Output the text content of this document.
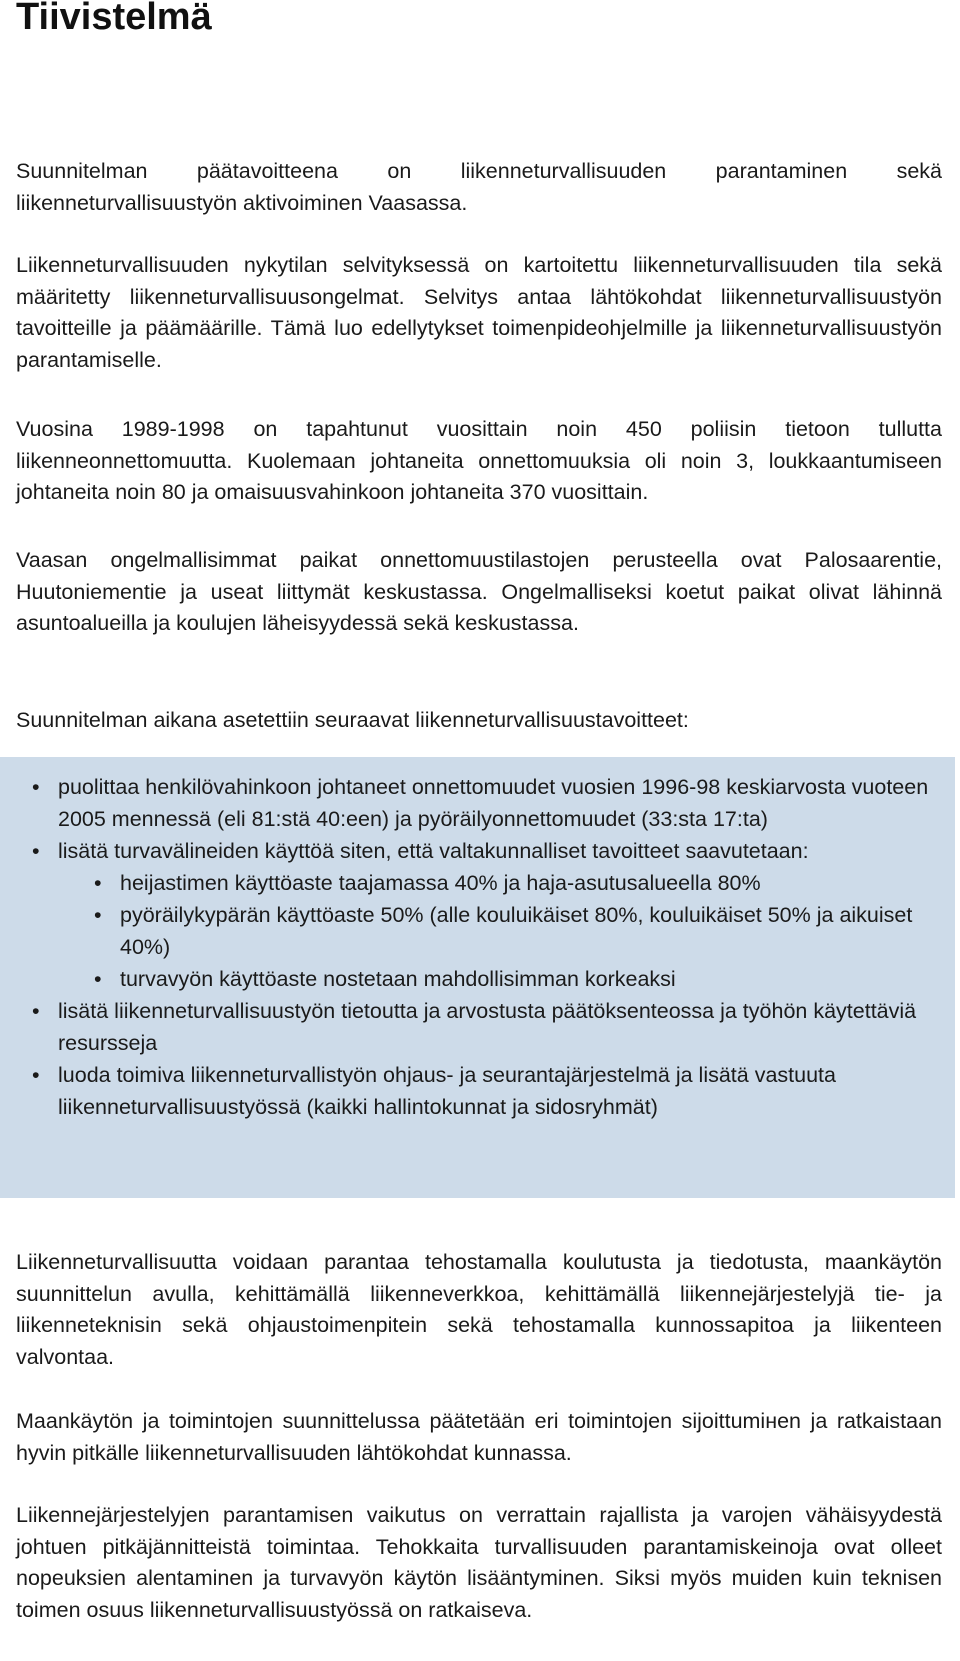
Tiivistelmä

Suunnitelman päätavoitteena on liikenneturvallisuuden parantaminen sekä liikenneturvallisuustyön aktivoiminen Vaasassa.

Liikenneturvallisuuden nykytilan selvityksessä on kartoitettu liikenneturvallisuuden tila sekä määritetty liikenneturvallisuusongelmat. Selvitys antaa lähtökohdat liikenneturvallisuustyön tavoitteille ja päämäärille. Tämä luo edellytykset toimenpideohjelmille ja liikenneturvallisuustyön parantamiselle.

Vuosina 1989-1998 on tapahtunut vuosittain noin 450 poliisin tietoon tullutta liikenneonnettomuutta. Kuolemaan johtaneita onnettomuuksia oli noin 3, loukkaantumiseen johtaneita noin 80 ja omaisuusvahinkoon johtaneita 370 vuosittain.

Vaasan ongelmallisimmat paikat onnettomuustilastojen perusteella ovat Palosaarentie, Huutoniementie ja useat liittymät keskustassa. Ongelmalliseksi koetut paikat olivat lähinnä asuntoalueilla ja koulujen läheisyydessä sekä keskustassa.

Suunnitelman aikana asetettiin seuraavat liikenneturvallisuustavoitteet:

• puolittaa henkilövahinkoon johtaneet onnettomuudet vuosien 1996-98 keskiarvosta vuoteen 2005 mennessä (eli 81:stä 40:een) ja pyöräilyonnettomuudet (33:sta 17:ta)
• lisätä turvavälineiden käyttöä siten, että valtakunnalliset tavoitteet saavutetaan:
• heijastimen käyttöaste taajamassa 40% ja haja-asutusalueella 80%
• pyöräilykypärän käyttöaste 50% (alle kouluikäiset 80%, kouluikäiset 50% ja aikuiset 40%)
• turvavyön käyttöaste nostetaan mahdollisimman korkeaksi
• lisätä liikenneturvallisuustyön tietoutta ja arvostusta päätöksenteossa ja työhön käytettäviä resursseja
• luoda toimiva liikenneturvallistyön ohjaus- ja seurantajärjestelmä ja lisätä vastuuta liikenneturvallisuustyössä (kaikki hallintokunnat ja sidosryhmät)

Liikenneturvallisuutta voidaan parantaa tehostamalla koulutusta ja tiedotusta, maankäytön suunnittelun avulla, kehittämällä liikenneverkkoa, kehittämällä liikennejärjestelyjä tie- ja liikenneteknisin sekä ohjaustoimenpitein sekä tehostamalla kunnossapitoa ja liikenteen valvontaa.

Maankäytön ja toimintojen suunnittelussa päätetään eri toimintojen sijoittumінen ja ratkaistaan hyvin pitkälle liikenneturvallisuuden lähtökohdat kunnassa.

Liikennejärjestelyjen parantamisen vaikutus on verrattain rajallista ja varojen vähäisyydestä johtuen pitkäjännitteistä toimintaa. Tehokkaita turvallisuuden parantamiskeinoja ovat olleet nopeuksien alentaminen ja turvavyön käytön lisääntyminen. Siksi myös muiden kuin teknisen toimen osuus liikenneturvallisuustyössä on ratkaiseva.
